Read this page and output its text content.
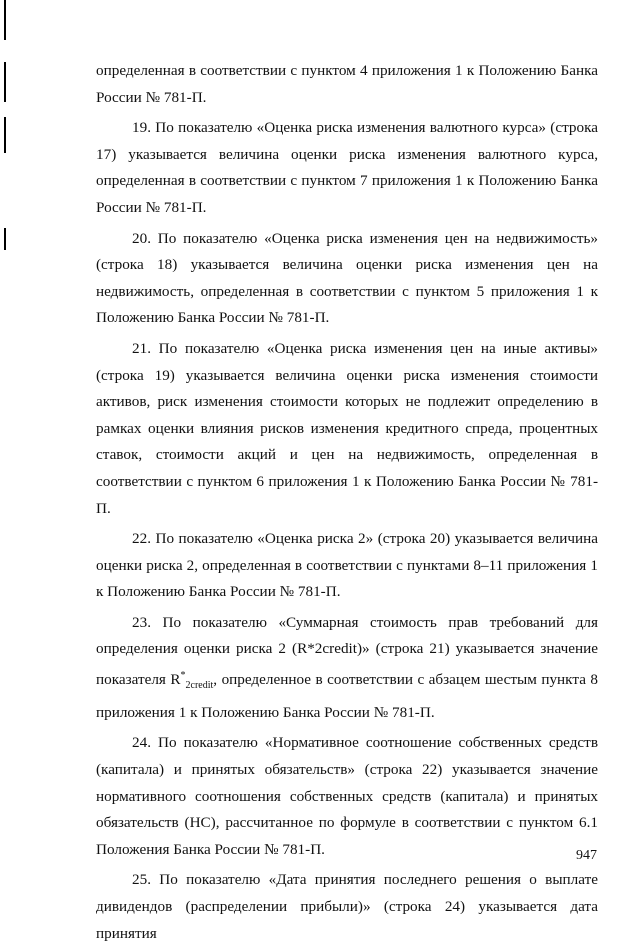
определенная в соответствии с пунктом 4 приложения 1 к Положению Банка России № 781-П.

19. По показателю «Оценка риска изменения валютного курса» (строка 17) указывается величина оценки риска изменения валютного курса, определенная в соответствии с пунктом 7 приложения 1 к Положению Банка России № 781-П.

20. По показателю «Оценка риска изменения цен на недвижимость» (строка 18) указывается величина оценки риска изменения цен на недвижимость, определенная в соответствии с пунктом 5 приложения 1 к Положению Банка России № 781-П.

21. По показателю «Оценка риска изменения цен на иные активы» (строка 19) указывается величина оценки риска изменения стоимости активов, риск изменения стоимости которых не подлежит определению в рамках оценки влияния рисков изменения кредитного спреда, процентных ставок, стоимости акций и цен на недвижимость, определенная в соответствии с пунктом 6 приложения 1 к Положению Банка России № 781-П.

22. По показателю «Оценка риска 2» (строка 20) указывается величина оценки риска 2, определенная в соответствии с пунктами 8–11 приложения 1 к Положению Банка России № 781-П.

23. По показателю «Суммарная стоимость прав требований для определения оценки риска 2 (R*2credit)» (строка 21) указывается значение показателя $R^*_{2credit}$, определенное в соответствии с абзацем шестым пункта 8 приложения 1 к Положению Банка России № 781-П.

24. По показателю «Нормативное соотношение собственных средств (капитала) и принятых обязательств» (строка 22) указывается значение нормативного соотношения собственных средств (капитала) и принятых обязательств (НС), рассчитанное по формуле в соответствии с пунктом 6.1 Положения Банка России № 781-П.

25. По показателю «Дата принятия последнего решения о выплате дивидендов (распределении прибыли)» (строка 24) указывается дата принятия

947
